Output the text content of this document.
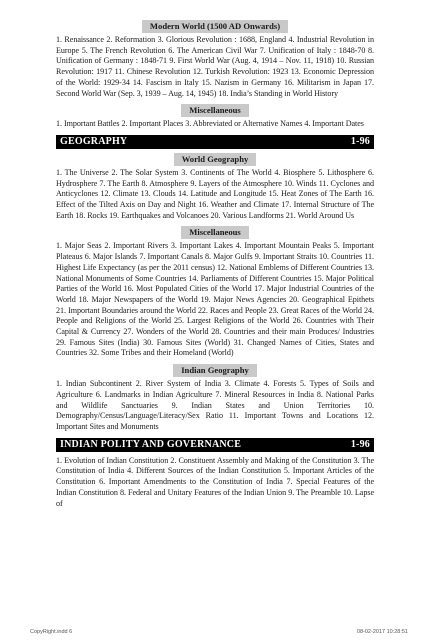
Modern World (1500 AD Onwards)

1. Renaissance 2. Reformation 3. Glorious Revolution : 1688, England 4. Industrial Revolution in Europe 5. The French Revolution 6. The American Civil War 7. Unification of Italy : 1848-70 8. Unification of Germany : 1848-71 9. First World War (Aug. 4, 1914 – Nov. 11, 1918) 10. Russian Revolution: 1917 11. Chinese Revolution 12. Turkish Revolution: 1923 13. Economic Depression of the World: 1929-34 14. Fascism in Italy 15. Nazism in Germany 16. Militarism in Japan 17. Second World War (Sep. 3, 1939 – Aug. 14, 1945) 18. India’s Standing in World History

Miscellaneous

1. Important Battles 2. Important Places 3. Abbreviated or Alternative Names 4. Important Dates

GEOGRAPHY	1-96
World Geography

1. The Universe 2. The Solar System 3. Continents of The World 4. Biosphere 5. Lithosphere 6. Hydrosphere 7. The Earth 8. Atmosphere 9. Layers of the Atmosphere 10. Winds 11. Cyclones and Anticyclones 12. Climate 13. Clouds 14. Latitude and Longitude 15. Heat Zones of The Earth 16. Effect of the Tilted Axis on Day and Night 16. Weather and Climate 17. Internal Structure of The Earth 18. Rocks 19. Earthquakes and Volcanoes 20. Various Landforms 21. World Around Us

Miscellaneous

1. Major Seas 2. Important Rivers 3. Important Lakes 4. Important Mountain Peaks 5. Important Plateaus 6. Major Islands 7. Important Canals 8. Major Gulfs 9. Important Straits 10. Countries 11. Highest Life Expectancy (as per the 2011 census) 12. National Emblems of Different Countries 13. National Monuments of Some Countries 14. Parliaments of Different Countries 15. Major Political Parties of the World 16. Most Populated Cities of the World 17. Major Industrial Countries of the World 18. Major Newspapers of the World 19. Major News Agencies 20. Geographical Epithets 21. Important Boundaries around the World 22. Races and People 23. Great Races of the World 24. People and Religions of the World 25. Largest Religions of the World 26. Countries with Their Capital & Currency 27. Wonders of the World 28. Countries and their main Produces/ Industries 29. Famous Sites (India) 30. Famous Sites (World) 31. Changed Names of Cities, States and Countries 32. Some Tribes and their Homeland (World)

Indian Geography

1. Indian Subcontinent 2. River System of India 3. Climate 4. Forests 5. Types of Soils and Agriculture 6. Landmarks in Indian Agriculture 7. Mineral Resources in India 8. National Parks and Wildlife Sanctuaries 9. Indian States and Union Territories 10. Demography/Census/Language/Literacy/Sex Ratio 11. Important Towns and Locations 12. Important Sites and Monuments

INDIAN POLITY AND GOVERNANCE	1-96

1. Evolution of Indian Constitution 2. Constituent Assembly and Making of the Constitution 3. The Constitution of India 4. Different Sources of the Indian Constitution 5. Important Articles of the Constitution 6. Important Amendments to the Constitution of India 7. Special Features of the Indian Constitution 8. Federal and Unitary Features of the Indian Union 9. The Preamble 10. Lapse of

CopyRight.indd 6	08-02-2017 10:28:51
